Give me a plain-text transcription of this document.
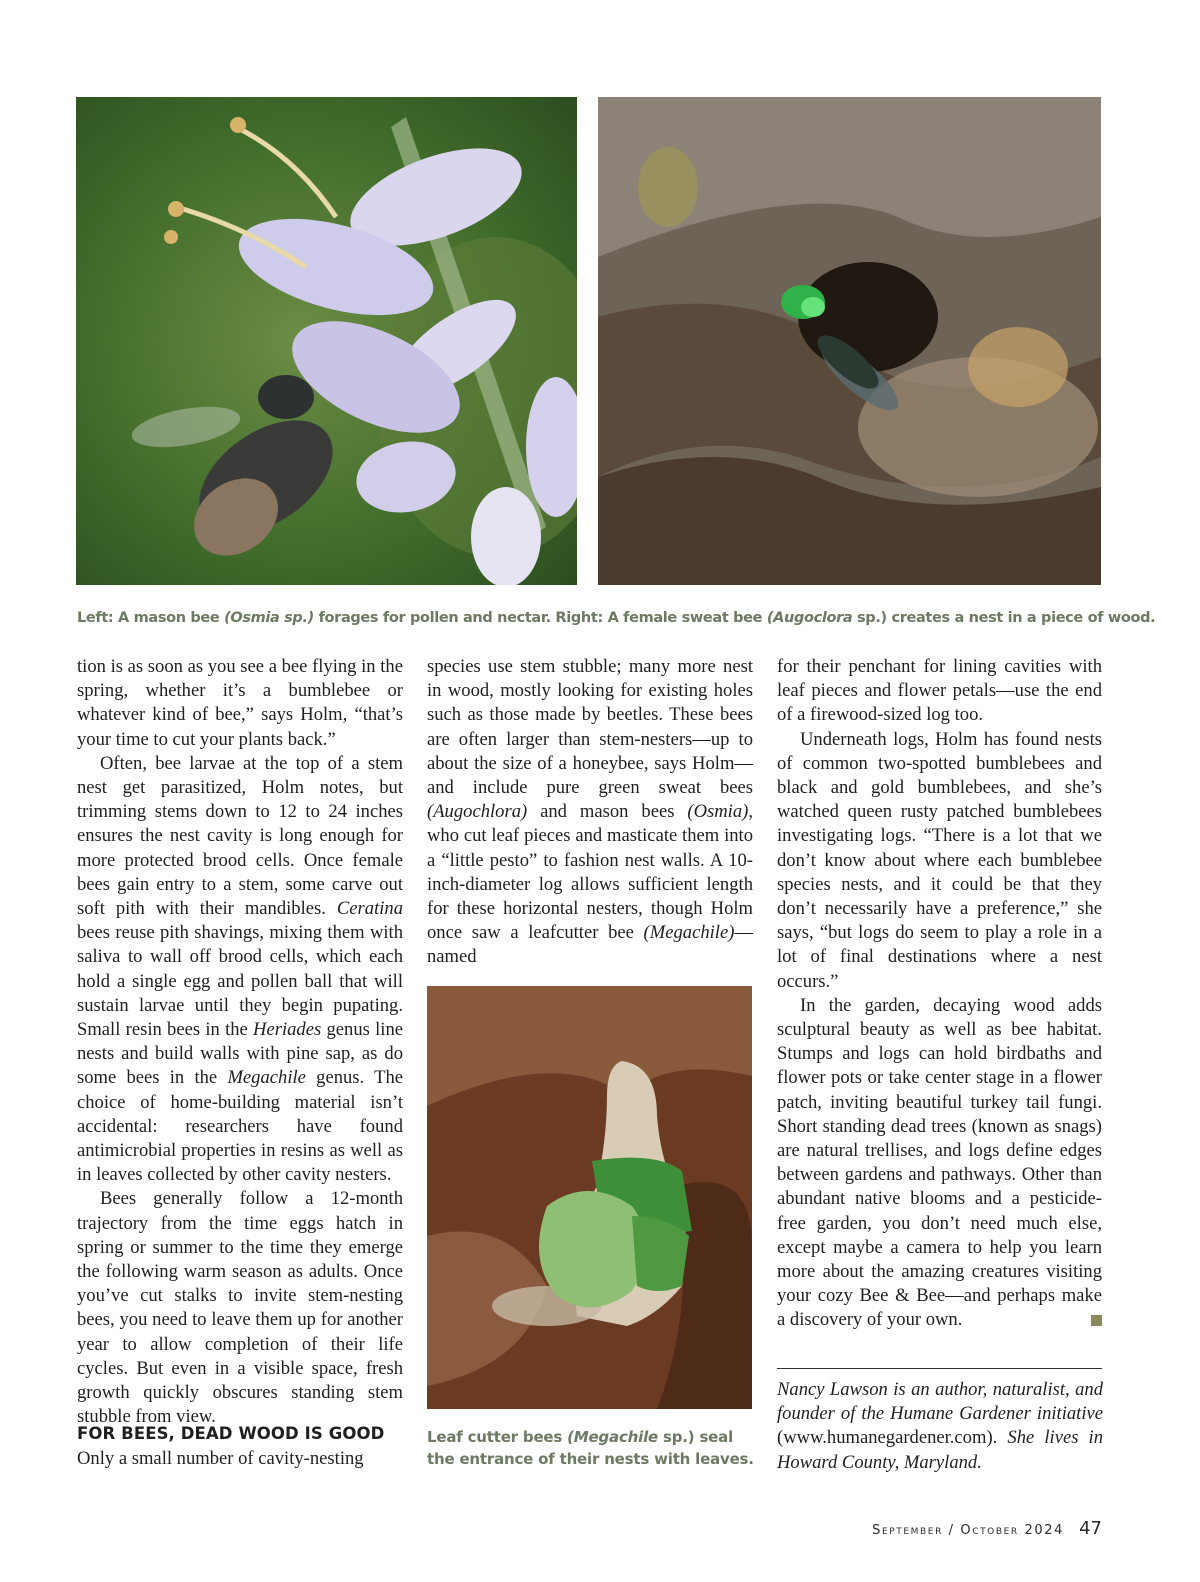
Left: A mason bee (Osmia sp.) forages for pollen and nectar. Right: A female sweat bee (Augoclora sp.) creates a nest in a piece of wood.

tion is as soon as you see a bee flying in the spring, whether it’s a bumblebee or whatever kind of bee,” says Holm, “that’s your time to cut your plants back.”

Often, bee larvae at the top of a stem nest get parasitized, Holm notes, but trimming stems down to 12 to 24 inches ensures the nest cavity is long enough for more protected brood cells. Once female bees gain entry to a stem, some carve out soft pith with their mandibles. Ceratina bees reuse pith shavings, mixing them with saliva to wall off brood cells, which each hold a single egg and pollen ball that will sustain larvae until they begin pupating. Small resin bees in the Heriades genus line nests and build walls with pine sap, as do some bees in the Megachile genus. The choice of home-building material isn’t accidental: researchers have found antimicrobial properties in resins as well as in leaves collected by other cavity nesters.

Bees generally follow a 12-month trajectory from the time eggs hatch in spring or summer to the time they emerge the following warm season as adults. Once you’ve cut stalks to invite stem-nesting bees, you need to leave them up for another year to allow completion of their life cycles. But even in a visible space, fresh growth quickly obscures standing stem stubble from view.

FOR BEES, DEAD WOOD IS GOOD

Only a small number of cavity-nesting

species use stem stubble; many more nest in wood, mostly looking for existing holes such as those made by beetles. These bees are often larger than stem-nesters—up to about the size of a honeybee, says Holm—and include pure green sweat bees (Augochlora) and mason bees (Osmia), who cut leaf pieces and masticate them into a “little pesto” to fashion nest walls. A 10-inch-diameter log allows sufficient length for these horizontal nesters, though Holm once saw a leafcutter bee (Megachile)—named

Leaf cutter bees (Megachile sp.) seal the entrance of their nests with leaves.

for their penchant for lining cavities with leaf pieces and flower petals—use the end of a firewood-sized log too.

Underneath logs, Holm has found nests of common two-spotted bumblebees and black and gold bumblebees, and she’s watched queen rusty patched bumblebees investigating logs. “There is a lot that we don’t know about where each bumblebee species nests, and it could be that they don’t necessarily have a preference,” she says, “but logs do seem to play a role in a lot of final destinations where a nest occurs.”

In the garden, decaying wood adds sculptural beauty as well as bee habitat. Stumps and logs can hold birdbaths and flower pots or take center stage in a flower patch, inviting beautiful turkey tail fungi. Short standing dead trees (known as snags) are natural trellises, and logs define edges between gardens and pathways. Other than abundant native blooms and a pesticide-free garden, you don’t need much else, except maybe a camera to help you learn more about the amazing creatures visiting your cozy Bee & Bee—and perhaps make a discovery of your own.

Nancy Lawson is an author, naturalist, and founder of the Humane Gardener initiative (www.humanegardener.com). She lives in Howard County, Maryland.
September / October 2024 47
